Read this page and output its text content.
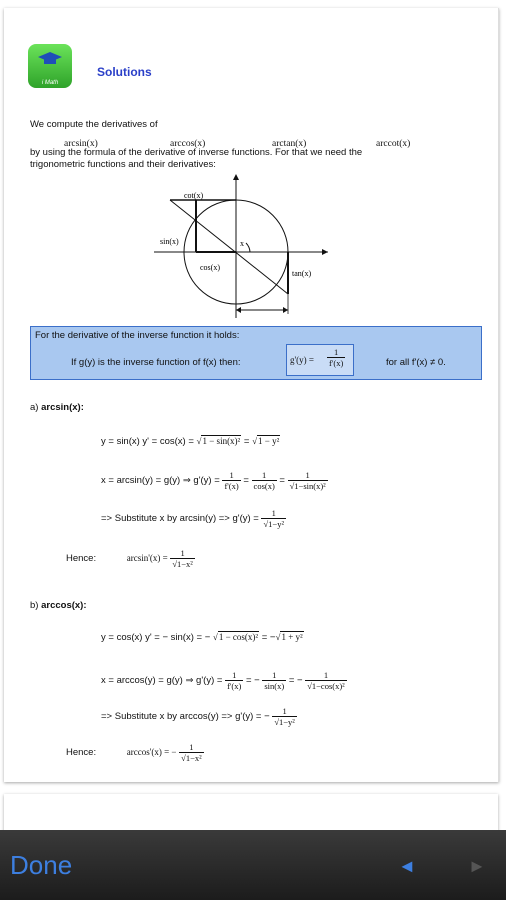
i Math
Solutions
We compute the derivatives of
arcsin(x)	arccos(x)	arctan(x)	arccot(x)
by using the formula of the derivative of inverse functions. For that we need the
trigonometric functions and their derivatives:
cot(x)
sin(x)
cos(x)
tan(x)
x
For the derivative of the inverse function it holds:
If g(y) is the inverse function of f(x) then:	for all f'(x) ≠ 0.
$g'(y) = \frac{1}{f'(x)}$
a) arcsin(x):
y = sin(x) y' = cos(x) = √1 − sin(x)² = √1 − y²
x = arcsin(y) = g(y) ⇒ $g'(y) = \frac{1}{f'(x)} = \frac{1}{\cos(x)} = \frac{1}{\text{√1−sin(x)²}}$
=> Substitute x by $\arcsin(y) => g'(y) = \frac{1}{\text{√1−y²}}$
Hence:	$\arcsin'(x) = \frac{1}{\text{√1−x²}}$
b) arccos(x):
y = cos(x) y' = − sin(x) = − √1 − cos(x)² = −√1 + y²
x = arccos(y) = g(y) ⇒ $g'(y) = \frac{1}{f'(x)}$ = − $\frac{1}{\sin(x)}$ = − $\frac{1}{\text{√1−cos(x)²}}$
=> Substitute x by arccos(y) => g'(y) = − $\frac{1}{\text{√1−y²}}$
Hence:	arccos'(x) = − $\frac{1}{\text{√1−x²}}$
Done	◄	►
